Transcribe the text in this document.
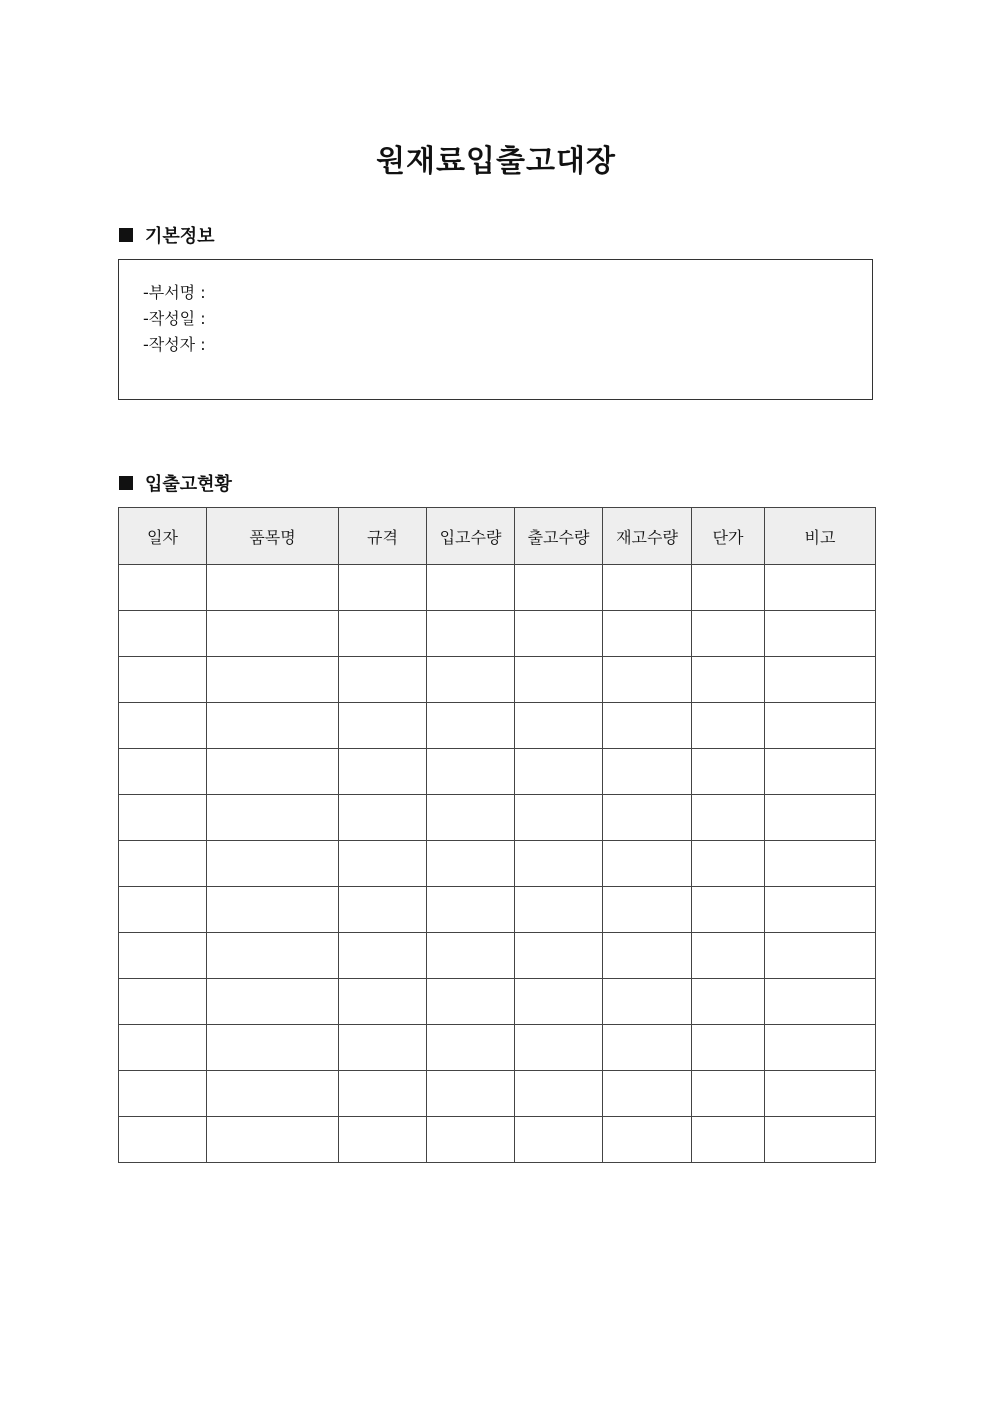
원재료입출고대장
기본정보
-부서명 :
-작성일 :
-작성자 :
입출고현황
일자	품목명	규격	입고수량	출고수량	재고수량	단가	비고
